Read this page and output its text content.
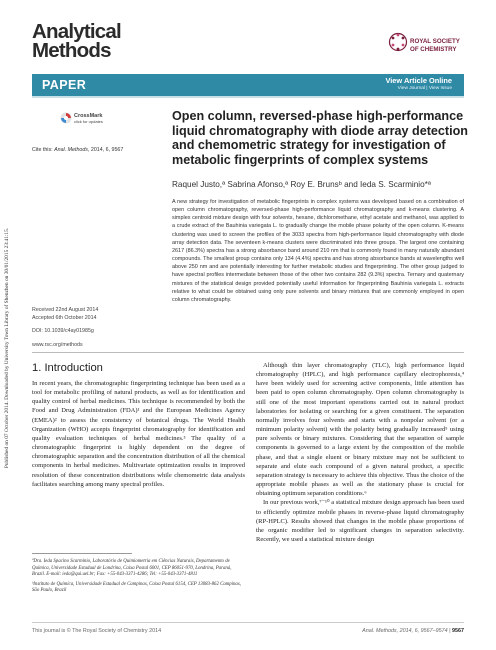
Published on 07 October 2014. Downloaded by University Town Library of Shenzhen on 30/01/2015 23:41:15.
Analytical
Methods	ROYAL SOCIETY
OF CHEMISTRY
PAPER	View Article Online
View Journal | View Issue
CrossMark
click for updates
Cite this: Anal. Methods, 2014, 6, 9567
Open column, reversed-phase high-performance liquid chromatography with diode array detection and chemometric strategy for investigation of metabolic fingerprints of complex systems
Raquel Justo,ª Sabrina Afonso,ª Roy E. Brunsᵇ and Ieda S. Scarminio*ª
A new strategy for investigation of metabolic fingerprints in complex systems was developed based on a combination of open column chromatography, reversed-phase high-performance liquid chromatography and k-means clustering. A simplex centroid mixture design with four solvents, hexane, dichloromethane, ethyl acetate and methanol, was applied to a crude extract of the Bauhinia variegata L. to gradually change the mobile phase polarity of the open column. K-means clustering was used to screen the profiles of the 3033 spectra from high-performance liquid chromatography with diode array detection data. The seventeen k-means clusters were discriminated into three groups. The largest one containing 2617 (86.3%) spectra has a strong absorbance band around 210 nm that is commonly found in many naturally abundant compounds. The smallest group contains only 134 (4.4%) spectra and has strong absorbance bands at wavelengths well above 250 nm and are potentially interesting for further metabolic studies and fingerprinting. The other group judged to have spectral profiles intermediate between those of the other two contains 282 (9.3%) spectra. Ternary and quaternary mixtures of the statistical design provided potentially useful information for fingerprinting Bauhinia variegata L. extracts relative to what could be obtained using only pure solvents and binary mixtures that are commonly employed in open column chromatography.
Received 22nd August 2014
Accepted 6th October 2014
DOI: 10.1039/c4ay01985g
www.rsc.org/methods
1. Introduction

In recent years, the chromatographic fingerprinting technique has been used as a tool for metabolic profiling of natural products, as well as for identification and quality control of herbal medicines. This technique is recommended by both the Food and Drug Administration (FDA)¹ and the European Medicines Agency (EMEA)² to assess the consistency of botanical drugs. The World Health Organization (WHO) accepts fingerprint chromatography for identification and quality evaluation techniques of herbal medicines.³ The quality of a chromatographic fingerprint is highly dependent on the degree of chromatographic separation and the concentration distribution of all the chemical components in herbal medicines. Multivariate optimization results in improved resolution of these concentration distributions while chemometric data analysis facilitates searching among many spectral profiles.

Although thin layer chromatography (TLC), high performance liquid chromatography (HPLC), and high performance capillary electrophoresis,⁴ have been widely used for screening active components, little attention has been paid to open column chromatography. Open column chromatography is still one of the most important operations carried out in natural product laboratories for isolating or searching for a given constituent. The separation normally involves four solvents and starts with a nonpolar solvent (or a minimum polarity solvent) with the polarity being gradually increased⁵ using pure solvents or binary mixtures. Considering that the separation of sample components is governed to a large extent by the composition of the mobile phase, and that a single eluent or binary mixture may not be sufficient to separate and elute each compound of a given natural product, a specific separation strategy is necessary to achieve this objective. Thus the choice of the appropriate mobile phases as well as the stationary phase is crucial for obtaining optimum separation conditions.⁶

In our previous work,⁷⁻¹⁰ a statistical mixture design approach has been used to efficiently optimize mobile phases in reverse-phase liquid chromatography (RP-HPLC). Results showed that changes in the mobile phase proportions of the organic modifier led to significant changes in separation selectivity. Recently, we used a statistical mixture design

ªDra. Ieda Spacino Scarminio, Laboratório de Quimiometria em Ciências Naturais, Departamento de Química, Universidade Estadual de Londrina, Caixa Postal 6001, CEP 86051-970, Londrina, Paraná, Brazil. E-mail: ieda@qui.uel.br; Fax: +55-043-3371-4286; Tel: +55-043-3371-4811

ᵇInstituto de Química, Universidade Estadual de Campinas, Caixa Postal 6154, CEP 13083-862 Campinas, São Paulo, Brazil

This journal is © The Royal Society of Chemistry 2014	Anal. Methods, 2014, 6, 9567–9574 | 9567
